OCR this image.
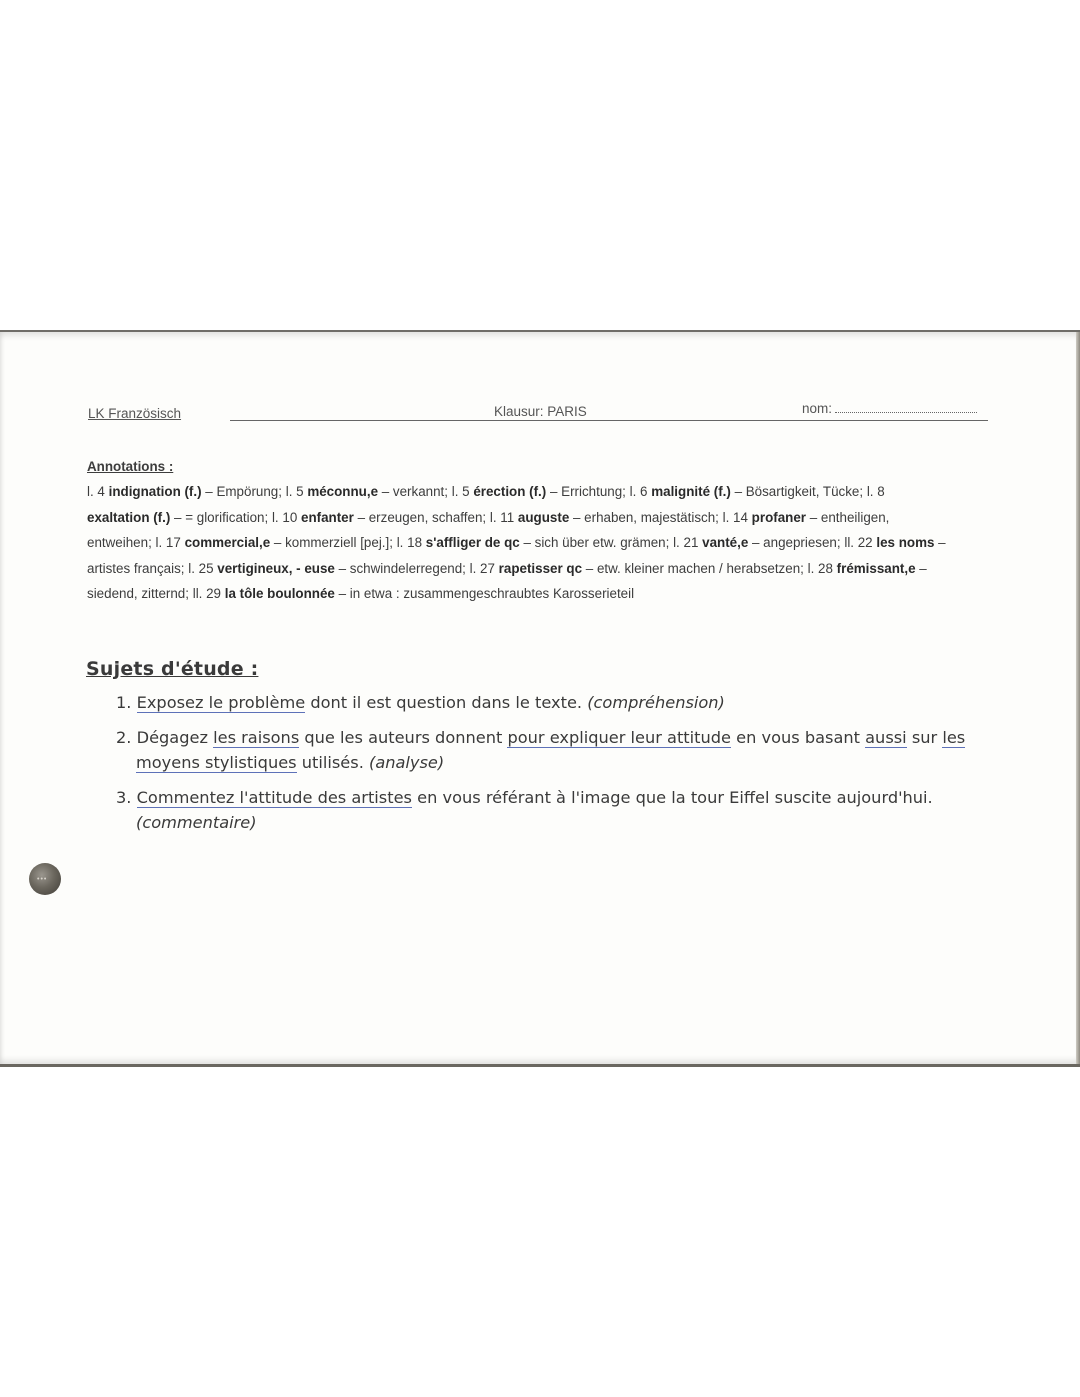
LK Französisch	Klausur: PARIS	nom:
Annotations :
l. 4 indignation (f.) – Empörung; l. 5 méconnu,e – verkannt; l. 5 érection (f.) – Errichtung; l. 6 malignité (f.) – Bösartigkeit, Tücke; l. 8 exaltation (f.) – = glorification; l. 10 enfanter – erzeugen, schaffen; l. 11 auguste – erhaben, majestätisch; l. 14 profaner – entheiligen, entweihen; l. 17 commercial,e – kommerziell [pej.]; l. 18 s'affliger de qc – sich über etw. grämen; l. 21 vanté,e – angepriesen; ll. 22 les noms – artistes français; l. 25 vertigineux, - euse – schwindelerregend; l. 27 rapetisser qc – etw. kleiner machen / herabsetzen; l. 28 frémissant,e – siedend, zitternd; ll. 29 la tôle boulonnée – in etwa : zusammengeschraubtes Karosserieteil
Sujets d'étude :
1. Exposez le problème dont il est question dans le texte. (compréhension)
2. Dégagez les raisons que les auteurs donnent pour expliquer leur attitude en vous basant aussi sur les moyens stylistiques utilisés. (analyse)
3. Commentez l'attitude des artistes en vous référant à l'image que la tour Eiffel suscite aujourd'hui. (commentaire)
•••
